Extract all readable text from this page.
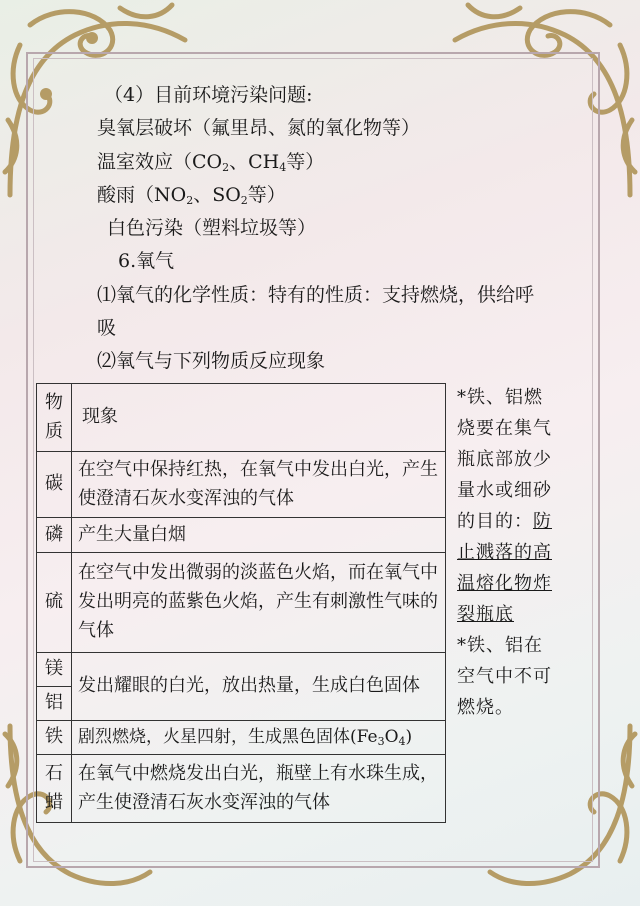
（4）目前环境污染问题:
臭氧层破坏（氟里昂、氮的氧化物等）
温室效应（$CO_2$、$CH_4$等）
酸雨（$NO_2$、$SO_2$等）
白色污染（塑料垃圾等）
6.氧气
⑴氧气的化学性质：特有的性质：支持燃烧，供给呼
吸
⑵氧气与下列物质反应现象
物质	现象
碳	在空气中保持红热，在氧气中发出白光，产生使澄清石灰水变浑浊的气体
磷	产生大量白烟
硫	在空气中发出微弱的淡蓝色火焰，而在氧气中发出明亮的蓝紫色火焰，产生有刺激性气味的气体
镁	发出耀眼的白光，放出热量，生成白色固体
铝	
铁	剧烈燃烧，火星四射，生成黑色固体$(Fe_3O_4)$
石蜡	在氧气中燃烧发出白光，瓶壁上有水珠生成，产生使澄清石灰水变浑浊的气体
*铁、铝燃烧要在集气瓶底部放少量水或细砂的目的：防止溅落的高温熔化物炸裂瓶底
*铁、铝在空气中不可燃烧。
